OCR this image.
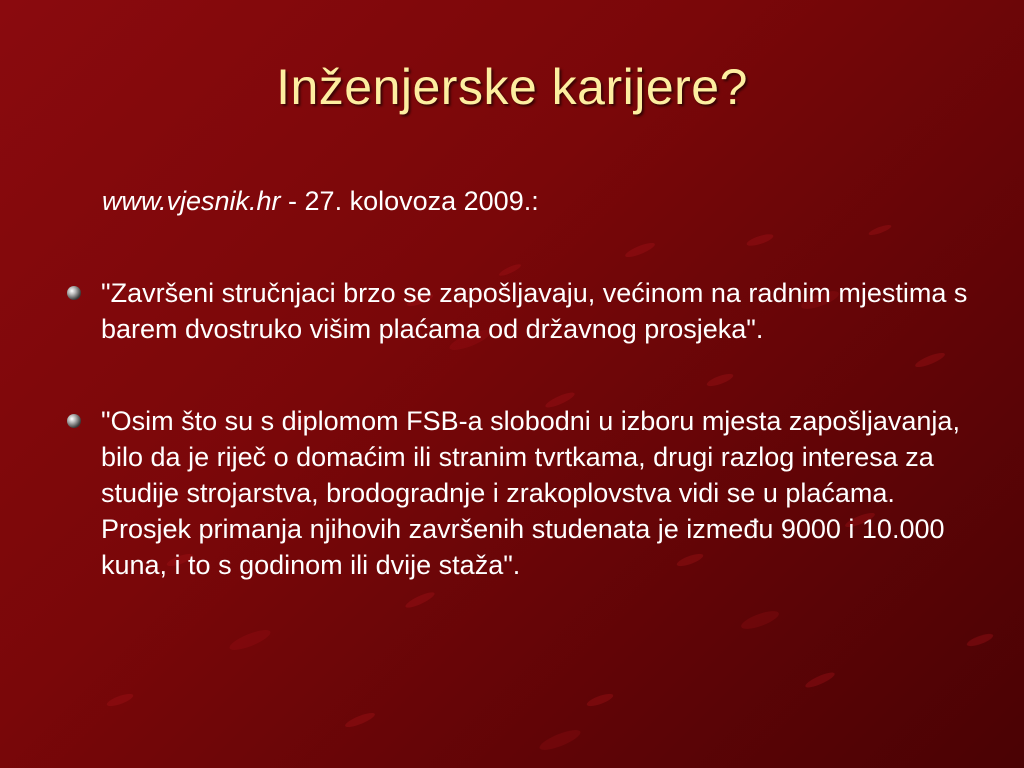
Inženjerske karijere?
www.vjesnik.hr - 27. kolovoza 2009.:
"Završeni stručnjaci brzo se zapošljavaju, većinom na radnim mjestima s barem dvostruko višim plaćama od državnog prosjeka".
"Osim što su s diplomom FSB-a slobodni u izboru mjesta zapošljavanja, bilo da je riječ o domaćim ili stranim tvrtkama, drugi razlog interesa za studije strojarstva, brodogradnje i zrakoplovstva vidi se u plaćama. Prosjek primanja njihovih završenih studenata je između 9000 i 10.000 kuna, i to s godinom ili dvije staža".
